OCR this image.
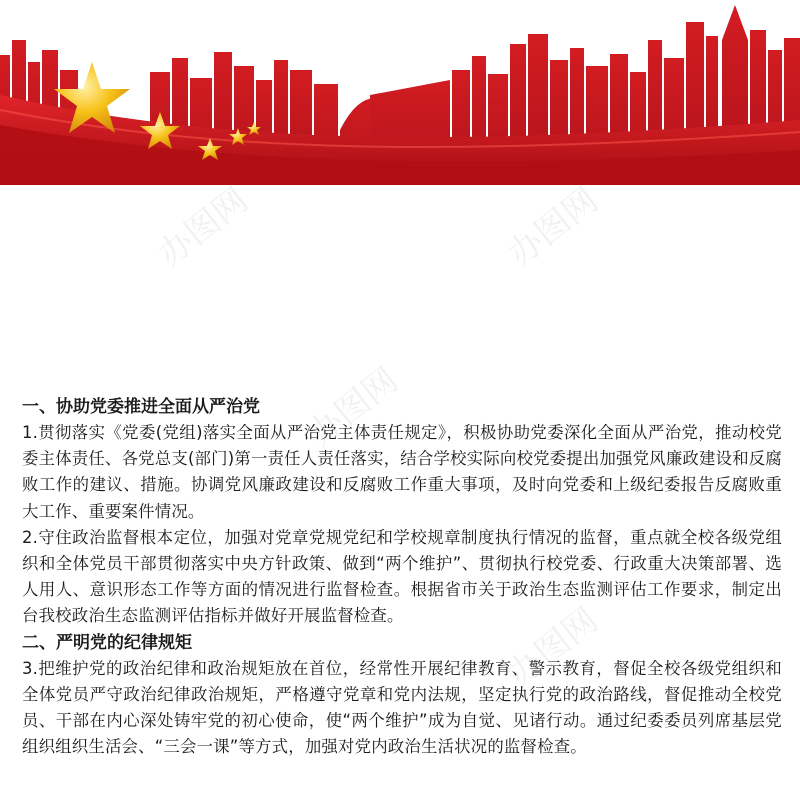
办图网	办图网
办图网
办图网

一、协助党委推进全面从严治党

1.贯彻落实《党委(党组)落实全面从严治党主体责任规定》，积极协助党委深化全面从严治党，推动校党委主体责任、各党总支(部门)第一责任人责任落实，结合学校实际向校党委提出加强党风廉政建设和反腐败工作的建议、措施。协调党风廉政建设和反腐败工作重大事项，及时向党委和上级纪委报告反腐败重大工作、重要案件情况。

2.守住政治监督根本定位，加强对党章党规党纪和学校规章制度执行情况的监督，重点就全校各级党组织和全体党员干部贯彻落实中央方针政策、做到“两个维护”、贯彻执行校党委、行政重大决策部署、选人用人、意识形态工作等方面的情况进行监督检查。根据省市关于政治生态监测评估工作要求，制定出台我校政治生态监测评估指标并做好开展监督检查。

二、严明党的纪律规矩

3.把维护党的政治纪律和政治规矩放在首位，经常性开展纪律教育、警示教育，督促全校各级党组织和全体党员严守政治纪律政治规矩，严格遵守党章和党内法规，坚定执行党的政治路线，督促推动全校党员、干部在内心深处铸牢党的初心使命，使“两个维护”成为自觉、见诸行动。通过纪委委员列席基层党组织组织生活会、“三会一课”等方式，加强对党内政治生活状况的监督检查。
